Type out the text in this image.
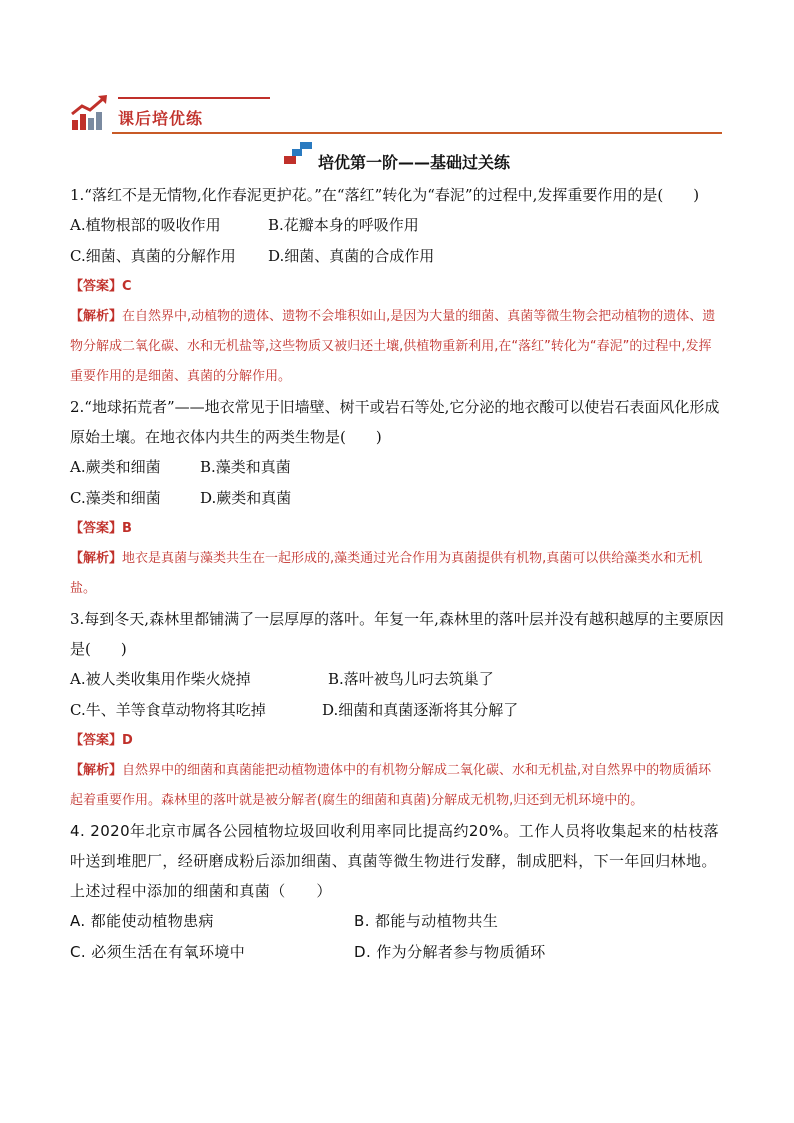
课后培优练
培优第一阶——基础过关练

1.“落红不是无情物,化作春泥更护花。”在“落红”转化为“春泥”的过程中,发挥重要作用的是(　　)

A.植物根部的吸收作用	B.花瓣本身的呼吸作用
C.细菌、真菌的分解作用 D.细菌、真菌的合成作用
【答案】C

【解析】在自然界中,动植物的遗体、遗物不会堆积如山,是因为大量的细菌、真菌等微生物会把动植物的遗体、遗物分解成二氧化碳、水和无机盐等,这些物质又被归还土壤,供植物重新利用,在“落红”转化为“春泥”的过程中,发挥重要作用的是细菌、真菌的分解作用。

2.“地球拓荒者”——地衣常见于旧墙壁、树干或岩石等处,它分泌的地衣酸可以使岩石表面风化形成原始土壤。在地衣体内共生的两类生物是(　　)

A.蕨类和细菌	B.藻类和真菌
C.藻类和细菌	D.蕨类和真菌
【答案】B

【解析】地衣是真菌与藻类共生在一起形成的,藻类通过光合作用为真菌提供有机物,真菌可以供给藻类水和无机盐。

3.每到冬天,森林里都铺满了一层厚厚的落叶。年复一年,森林里的落叶层并没有越积越厚的主要原因是(　　)

A.被人类收集用作柴火烧掉	B.落叶被鸟儿叼去筑巢了
C.牛、羊等食草动物将其吃掉	D.细菌和真菌逐渐将其分解了
【答案】D

【解析】自然界中的细菌和真菌能把动植物遗体中的有机物分解成二氧化碳、水和无机盐,对自然界中的物质循环起着重要作用。森林里的落叶就是被分解者(腐生的细菌和真菌)分解成无机物,归还到无机环境中的。

4. 2020年北京市属各公园植物垃圾回收利用率同比提高约20%。工作人员将收集起来的枯枝落叶送到堆肥厂，经研磨成粉后添加细菌、真菌等微生物进行发酵，制成肥料，下一年回归林地。上述过程中添加的细菌和真菌（　　）

A. 都能使动植物患病	B. 都能与动植物共生
C. 必须生活在有氧环境中	D. 作为分解者参与物质循环
